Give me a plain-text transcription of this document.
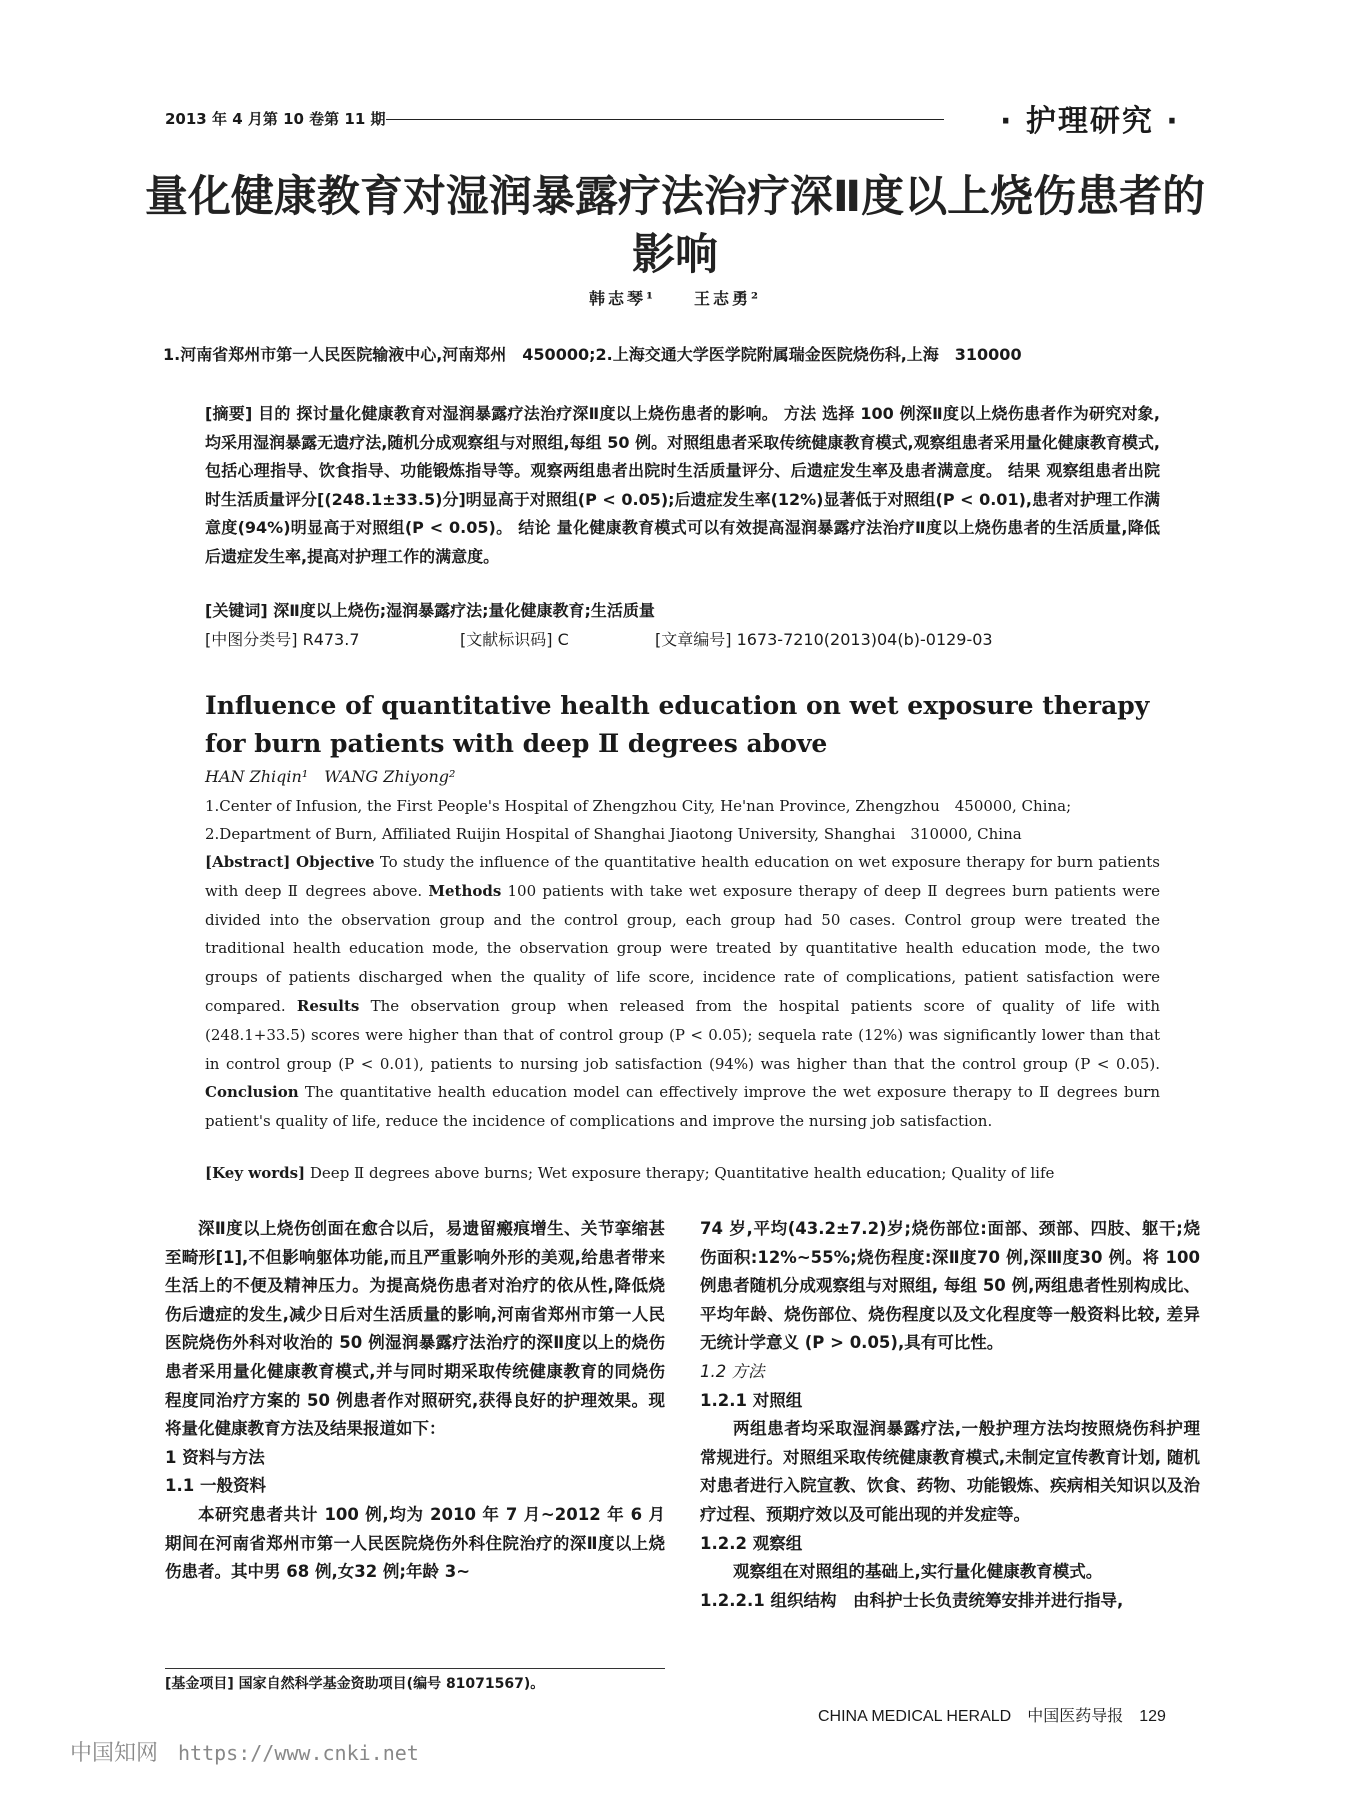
2013 年 4 月第 10 卷第 11 期	· 护理研究 ·
量化健康教育对湿润暴露疗法治疗深Ⅱ度以上烧伤患者的影响
韩志琴¹　　王志勇²
1.河南省郑州市第一人民医院输液中心,河南郑州　450000;2.上海交通大学医学院附属瑞金医院烧伤科,上海　310000
[摘要] 目的 探讨量化健康教育对湿润暴露疗法治疗深Ⅱ度以上烧伤患者的影响。 方法 选择 100 例深Ⅱ度以上烧伤患者作为研究对象,均采用湿润暴露无遗疗法,随机分成观察组与对照组,每组 50 例。对照组患者采取传统健康教育模式,观察组患者采用量化健康教育模式,包括心理指导、饮食指导、功能锻炼指导等。观察两组患者出院时生活质量评分、后遗症发生率及患者满意度。 结果 观察组患者出院时生活质量评分[(248.1±33.5)分]明显高于对照组(P < 0.05);后遗症发生率(12%)显著低于对照组(P < 0.01),患者对护理工作满意度(94%)明显高于对照组(P < 0.05)。 结论 量化健康教育模式可以有效提高湿润暴露疗法治疗Ⅱ度以上烧伤患者的生活质量,降低后遗症发生率,提高对护理工作的满意度。
[关键词] 深Ⅱ度以上烧伤;湿润暴露疗法;量化健康教育;生活质量
[中图分类号] R473.7	[文献标识码] C	[文章编号] 1673-7210(2013)04(b)-0129-03
Influence of quantitative health education on wet exposure therapy for burn patients with deep Ⅱ degrees above
HAN Zhiqin¹　WANG Zhiyong²
1.Center of Infusion, the First People's Hospital of Zhengzhou City, He'nan Province, Zhengzhou　450000, China;
2.Department of Burn, Affiliated Ruijin Hospital of Shanghai Jiaotong University, Shanghai　310000, China
[Abstract] Objective To study the influence of the quantitative health education on wet exposure therapy for burn patients with deep Ⅱ degrees above. Methods 100 patients with take wet exposure therapy of deep Ⅱ degrees burn patients were divided into the observation group and the control group, each group had 50 cases. Control group were treated the traditional health education mode, the observation group were treated by quantitative health education mode, the two groups of patients discharged when the quality of life score, incidence rate of complications, patient satisfaction were compared. Results The observation group when released from the hospital patients score of quality of life with (248.1+33.5) scores were higher than that of control group (P < 0.05); sequela rate (12%) was significantly lower than that in control group (P < 0.01), patients to nursing job satisfaction (94%) was higher than that the control group (P < 0.05). Conclusion The quantitative health education model can effectively improve the wet exposure therapy to Ⅱ degrees burn patient's quality of life, reduce the incidence of complications and improve the nursing job satisfaction.
[Key words] Deep Ⅱ degrees above burns; Wet exposure therapy; Quantitative health education; Quality of life

深Ⅱ度以上烧伤创面在愈合以后，易遗留瘢痕增生、关节挛缩甚至畸形[1],不但影响躯体功能,而且严重影响外形的美观,给患者带来生活上的不便及精神压力。为提高烧伤患者对治疗的依从性,降低烧伤后遗症的发生,减少日后对生活质量的影响,河南省郑州市第一人民医院烧伤外科对收治的 50 例湿润暴露疗法治疗的深Ⅱ度以上的烧伤患者采用量化健康教育模式,并与同时期采取传统健康教育的同烧伤程度同治疗方案的 50 例患者作对照研究,获得良好的护理效果。现将量化健康教育方法及结果报道如下：

1 资料与方法

1.1 一般资料

本研究患者共计 100 例,均为 2010 年 7 月~2012 年 6 月期间在河南省郑州市第一人民医院烧伤外科住院治疗的深Ⅱ度以上烧伤患者。其中男 68 例,女32 例;年龄 3~

74 岁,平均(43.2±7.2)岁;烧伤部位:面部、颈部、四肢、躯干;烧伤面积:12%~55%;烧伤程度:深Ⅱ度70 例,深Ⅲ度30 例。将 100 例患者随机分成观察组与对照组, 每组 50 例,两组患者性别构成比、平均年龄、烧伤部位、烧伤程度以及文化程度等一般资料比较, 差异无统计学意义 (P > 0.05),具有可比性。

1.2 方法

1.2.1 对照组

两组患者均采取湿润暴露疗法,一般护理方法均按照烧伤科护理常规进行。对照组采取传统健康教育模式,未制定宣传教育计划, 随机对患者进行入院宣教、饮食、药物、功能锻炼、疾病相关知识以及治疗过程、预期疗效以及可能出现的并发症等。

1.2.2 观察组

观察组在对照组的基础上,实行量化健康教育模式。

1.2.2.1 组织结构　由科护士长负责统筹安排并进行指导,

[基金项目] 国家自然科学基金资助项目(编号 81071567)。
CHINA MEDICAL HERALD　中国医药导报　129
中国知网 https://www.cnki.net
